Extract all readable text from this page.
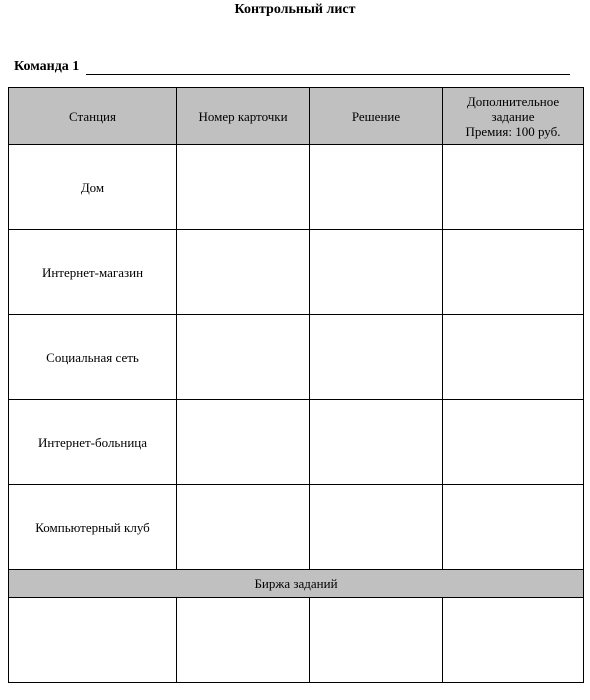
Контрольный лист
Команда 1
Станция	Номер карточки	Решение	Дополнительное
задание
Премия: 100 руб.

Дом			
Интернет-магазин			
Социальная сеть			
Интернет-больница			
Компьютерный клуб			
Биржа заданий			
